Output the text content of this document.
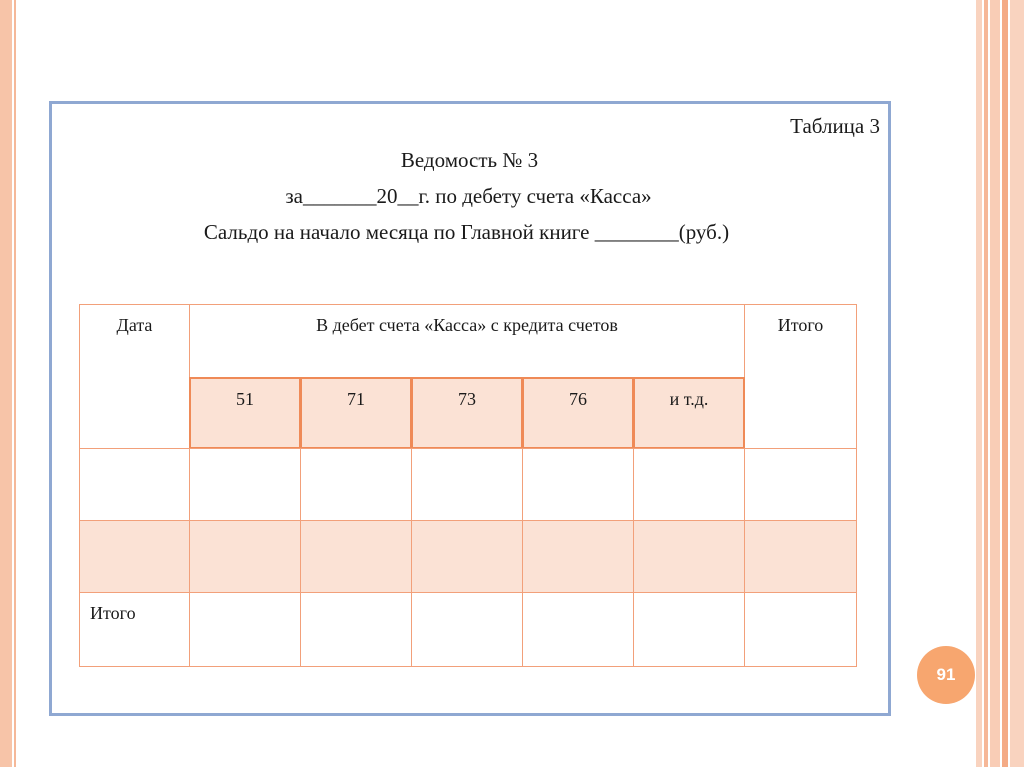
Таблица 3
Ведомость № 3
за_______20__г. по дебету счета «Касса»
Сальдо на начало месяца по Главной книге ________(руб.)
Дата	В дебет счета «Касса» с кредита счетов	Итого
51	71	73	76	и т.д.
Итого
91
